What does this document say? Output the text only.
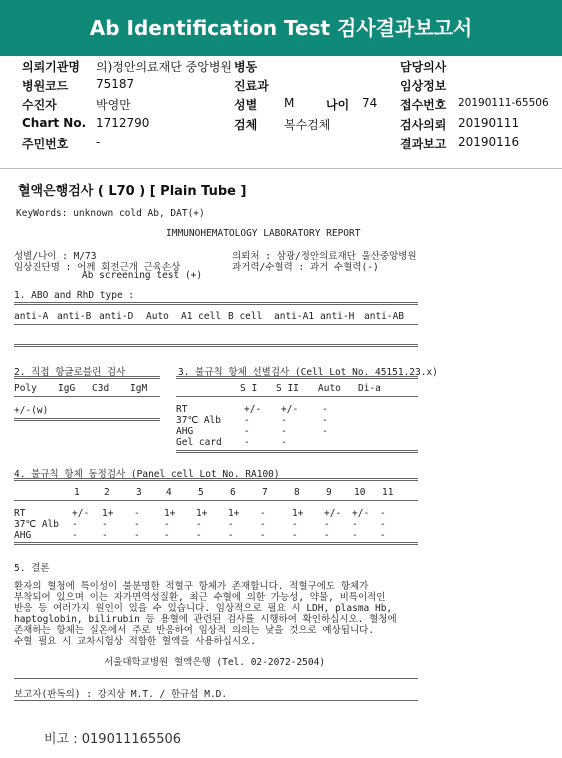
Ab Identification Test 검사결과보고서
의뢰기관명 의)정안의료재단 중앙병원 병동	담당의사
병원코드 75187	진료과	임상정보
수진자	박영만	성별 M	나이 74 접수번호 20190111-65506
Chart No. 1712790	검체 복수검체	검사의뢰 20190111
주민번호 -	결과보고 20190116
혈액은행검사 ( L70 ) [ Plain Tube ]
KeyWords: unknown cold Ab, DAT(+)
IMMUNOHEMATOLOGY LABORATORY REPORT
성별/나이 : M/73
임상진단명 : 어께 회전근개 근육손상
Ab screening test (+)
의뢰처 : 삼광/정안의료재단 울산중앙병원
과거력/수혈력 : 과거 수혈력(-)
1. ABO and RhD type :
anti-A anti-B anti-D Auto A1 cell B cell anti-A1 anti-H anti-AB
2. 직접 항글로블린 검사
Poly IgG C3d IgM
+/-(w)
3. 불규칙 항체 선별검사 (Cell Lot No. 45151.23.x)
S I S II Auto Di-a
RT	+/- +/-	-
37℃ Alb -	-	-
AHG	-	-	-
Gel card -	-
4. 불규칙 항체 동정검사 (Panel cell Lot No. RA100)
1	2	3	4	5	6	7	8	9 10 11
RT	+/- 1+ -	1+ 1+ 1+ -	1+ +/- +/- -
37℃ Alb -	-	-	-	-	-	-	-	- - -
AHG	-	-	-	-	-	-	-	-	- - -
5. 결론
환자의 혈청에 특이성이 불분명한 적혈구 항체가 존재합니다. 적혈구에도 항체가
부착되어 있으며 이는 자가면역성질환, 최근 수혈에 의한 가능성, 약물, 비특이적인
반응 등 여러가지 원인이 있을 수 있습니다. 임상적으로 필요 시 LDH, plasma Hb,
haptoglobin, bilirubin 등 용혈에 관련된 검사를 시행하여 확인하십시오. 혈청에
존재하는 항체는 실온에서 주로 반응하여 임상적 의의는 낮을 것으로 예상됩니다.
수혈 필요 시 교차시험상 적합한 혈액을 사용하십시오.
서울대학교병원 혈액은행 (Tel. 02-2072-2504)
보고자(판독의) : 강지상 M.T. / 한규섭 M.D.
비고 : 019011165506
